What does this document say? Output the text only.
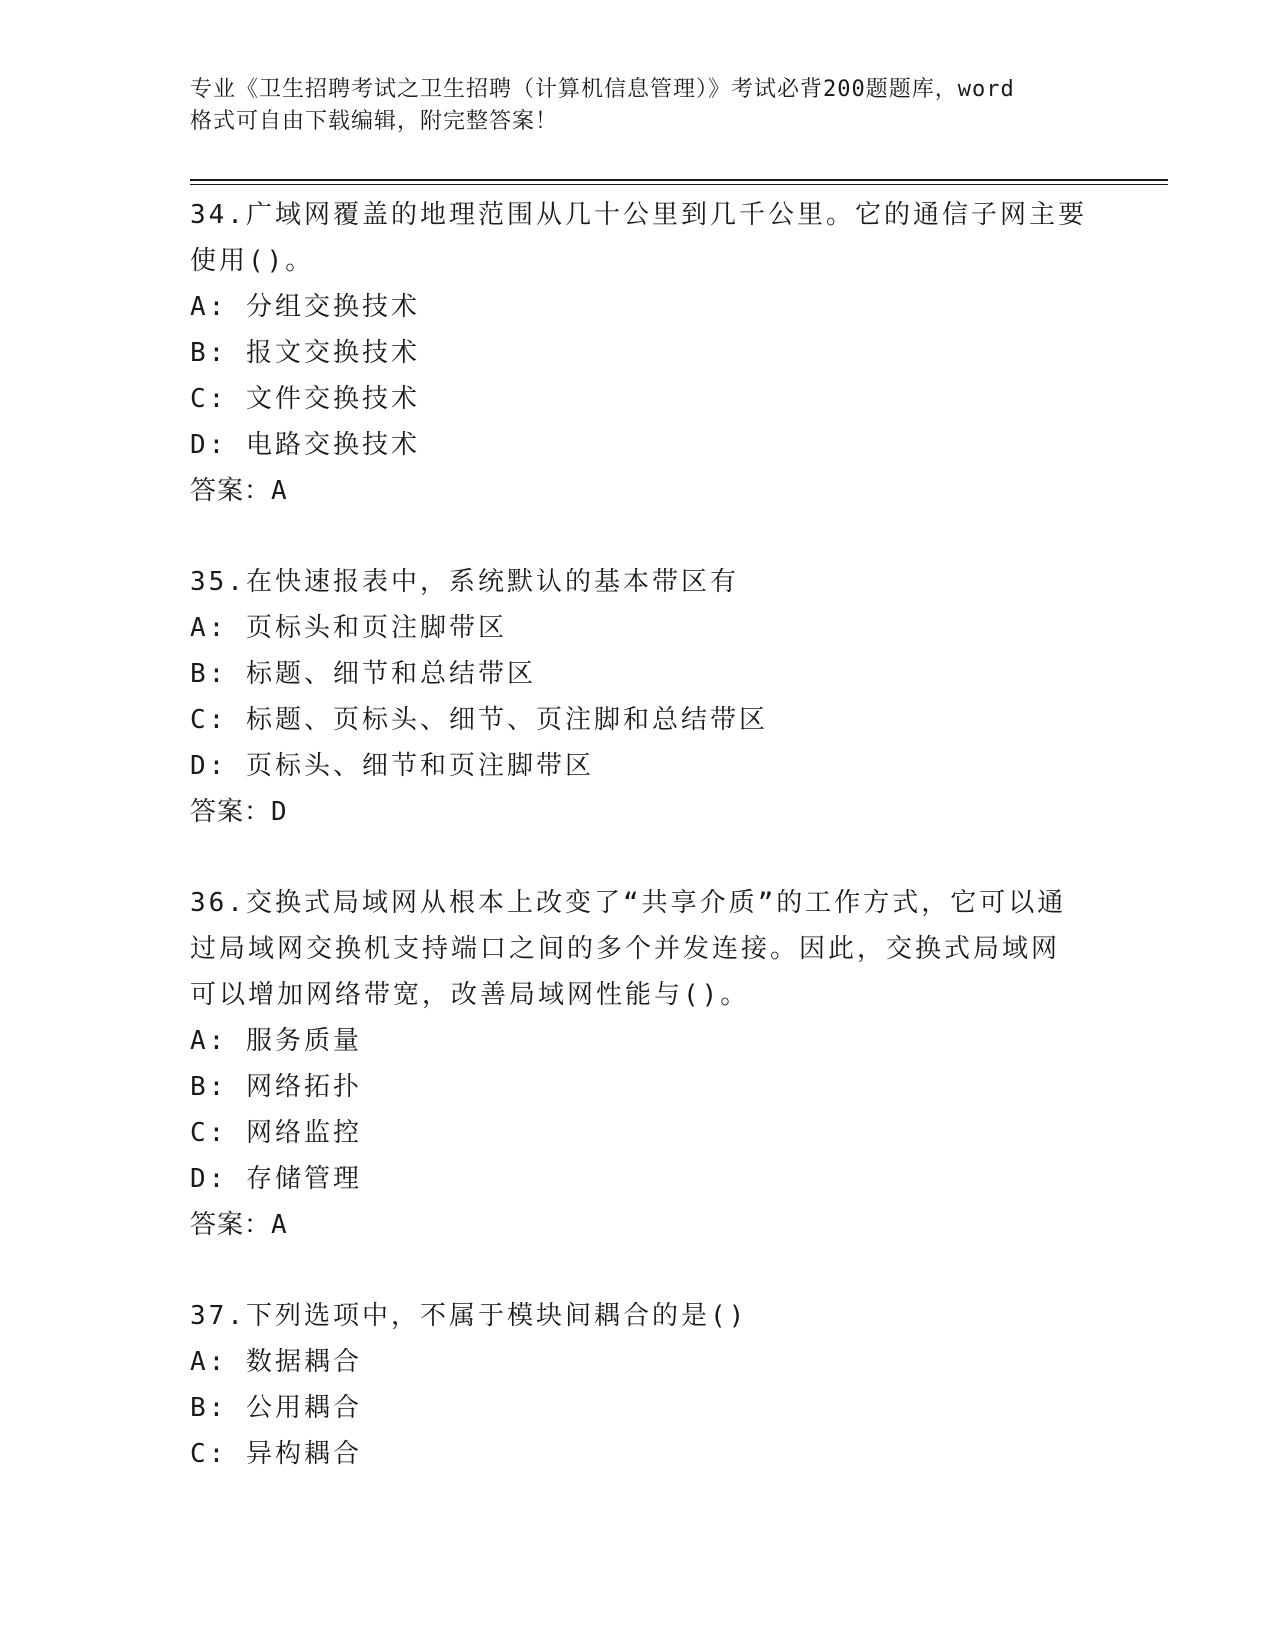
专业《卫生招聘考试之卫生招聘（计算机信息管理）》考试必背200题题库，word
格式可自由下载编辑，附完整答案！
34.广域网覆盖的地理范围从几十公里到几千公里。它的通信子网主要
使用()。
A: 分组交换技术
B: 报文交换技术
C: 文件交换技术
D: 电路交换技术
答案：A
35.在快速报表中，系统默认的基本带区有
A: 页标头和页注脚带区
B: 标题、细节和总结带区
C: 标题、页标头、细节、页注脚和总结带区
D: 页标头、细节和页注脚带区
答案：D
36.交换式局域网从根本上改变了“共享介质”的工作方式，它可以通
过局域网交换机支持端口之间的多个并发连接。因此，交换式局域网
可以增加网络带宽，改善局域网性能与()。
A: 服务质量
B: 网络拓扑
C: 网络监控
D: 存储管理
答案：A
37.下列选项中，不属于模块间耦合的是()
A: 数据耦合
B: 公用耦合
C: 异构耦合
